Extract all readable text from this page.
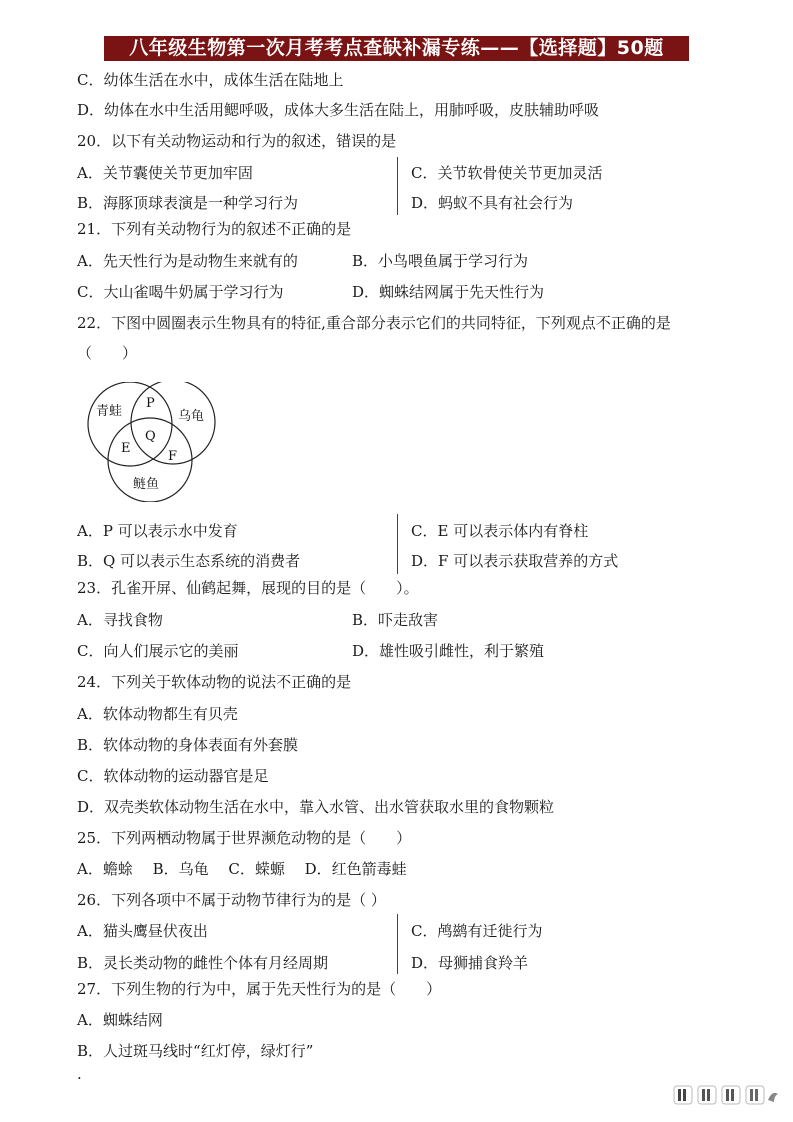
八年级生物第一次月考考点查缺补漏专练——【选择题】50题
C．幼体生活在水中，成体生活在陆地上
D．幼体在水中生活用鳃呼吸，成体大多生活在陆上，用肺呼吸，皮肤辅助呼吸
20．以下有关动物运动和行为的叙述，错误的是
A．关节囊使关节更加牢固
B．海豚顶球表演是一种学习行为
C．关节软骨使关节更加灵活
D．蚂蚁不具有社会行为
21．下列有关动物行为的叙述不正确的是
A．先天性行为是动物生来就有的	B．小鸟喂鱼属于学习行为
C．大山雀喝牛奶属于学习行为	D．蜘蛛结网属于先天性行为
22．下图中圆圈表示生物具有的特征,重合部分表示它们的共同特征，下列观点不正确的是
（　　）
青蛙	乌龟
鲢鱼
P
Q
E
F
A．P 可以表示水中发育
B．Q 可以表示生态系统的消费者
C．E 可以表示体内有脊柱
D．F 可以表示获取营养的方式
23．孔雀开屏、仙鹤起舞，展现的目的是（　　）。
A．寻找食物	B．吓走敌害
C．向人们展示它的美丽	D．雄性吸引雌性，利于繁殖
24．下列关于软体动物的说法不正确的是
A．软体动物都生有贝壳
B．软体动物的身体表面有外套膜
C．软体动物的运动器官是足
D．双壳类软体动物生活在水中，靠入水管、出水管获取水里的食物颗粒
25．下列两栖动物属于世界濒危动物的是（　　）
A．蟾蜍　 B．乌龟　 C．蝾螈　 D．红色箭毒蛙
26．下列各项中不属于动物节律行为的是（ ）
A．猫头鹰昼伏夜出
B．灵长类动物的雌性个体有月经周期
C．鸬鹚有迁徙行为
D．母狮捕食羚羊
27．下列生物的行为中，属于先天性行为的是（　　）
A．蜘蛛结网
B．人过斑马线时“红灯停，绿灯行”
·
